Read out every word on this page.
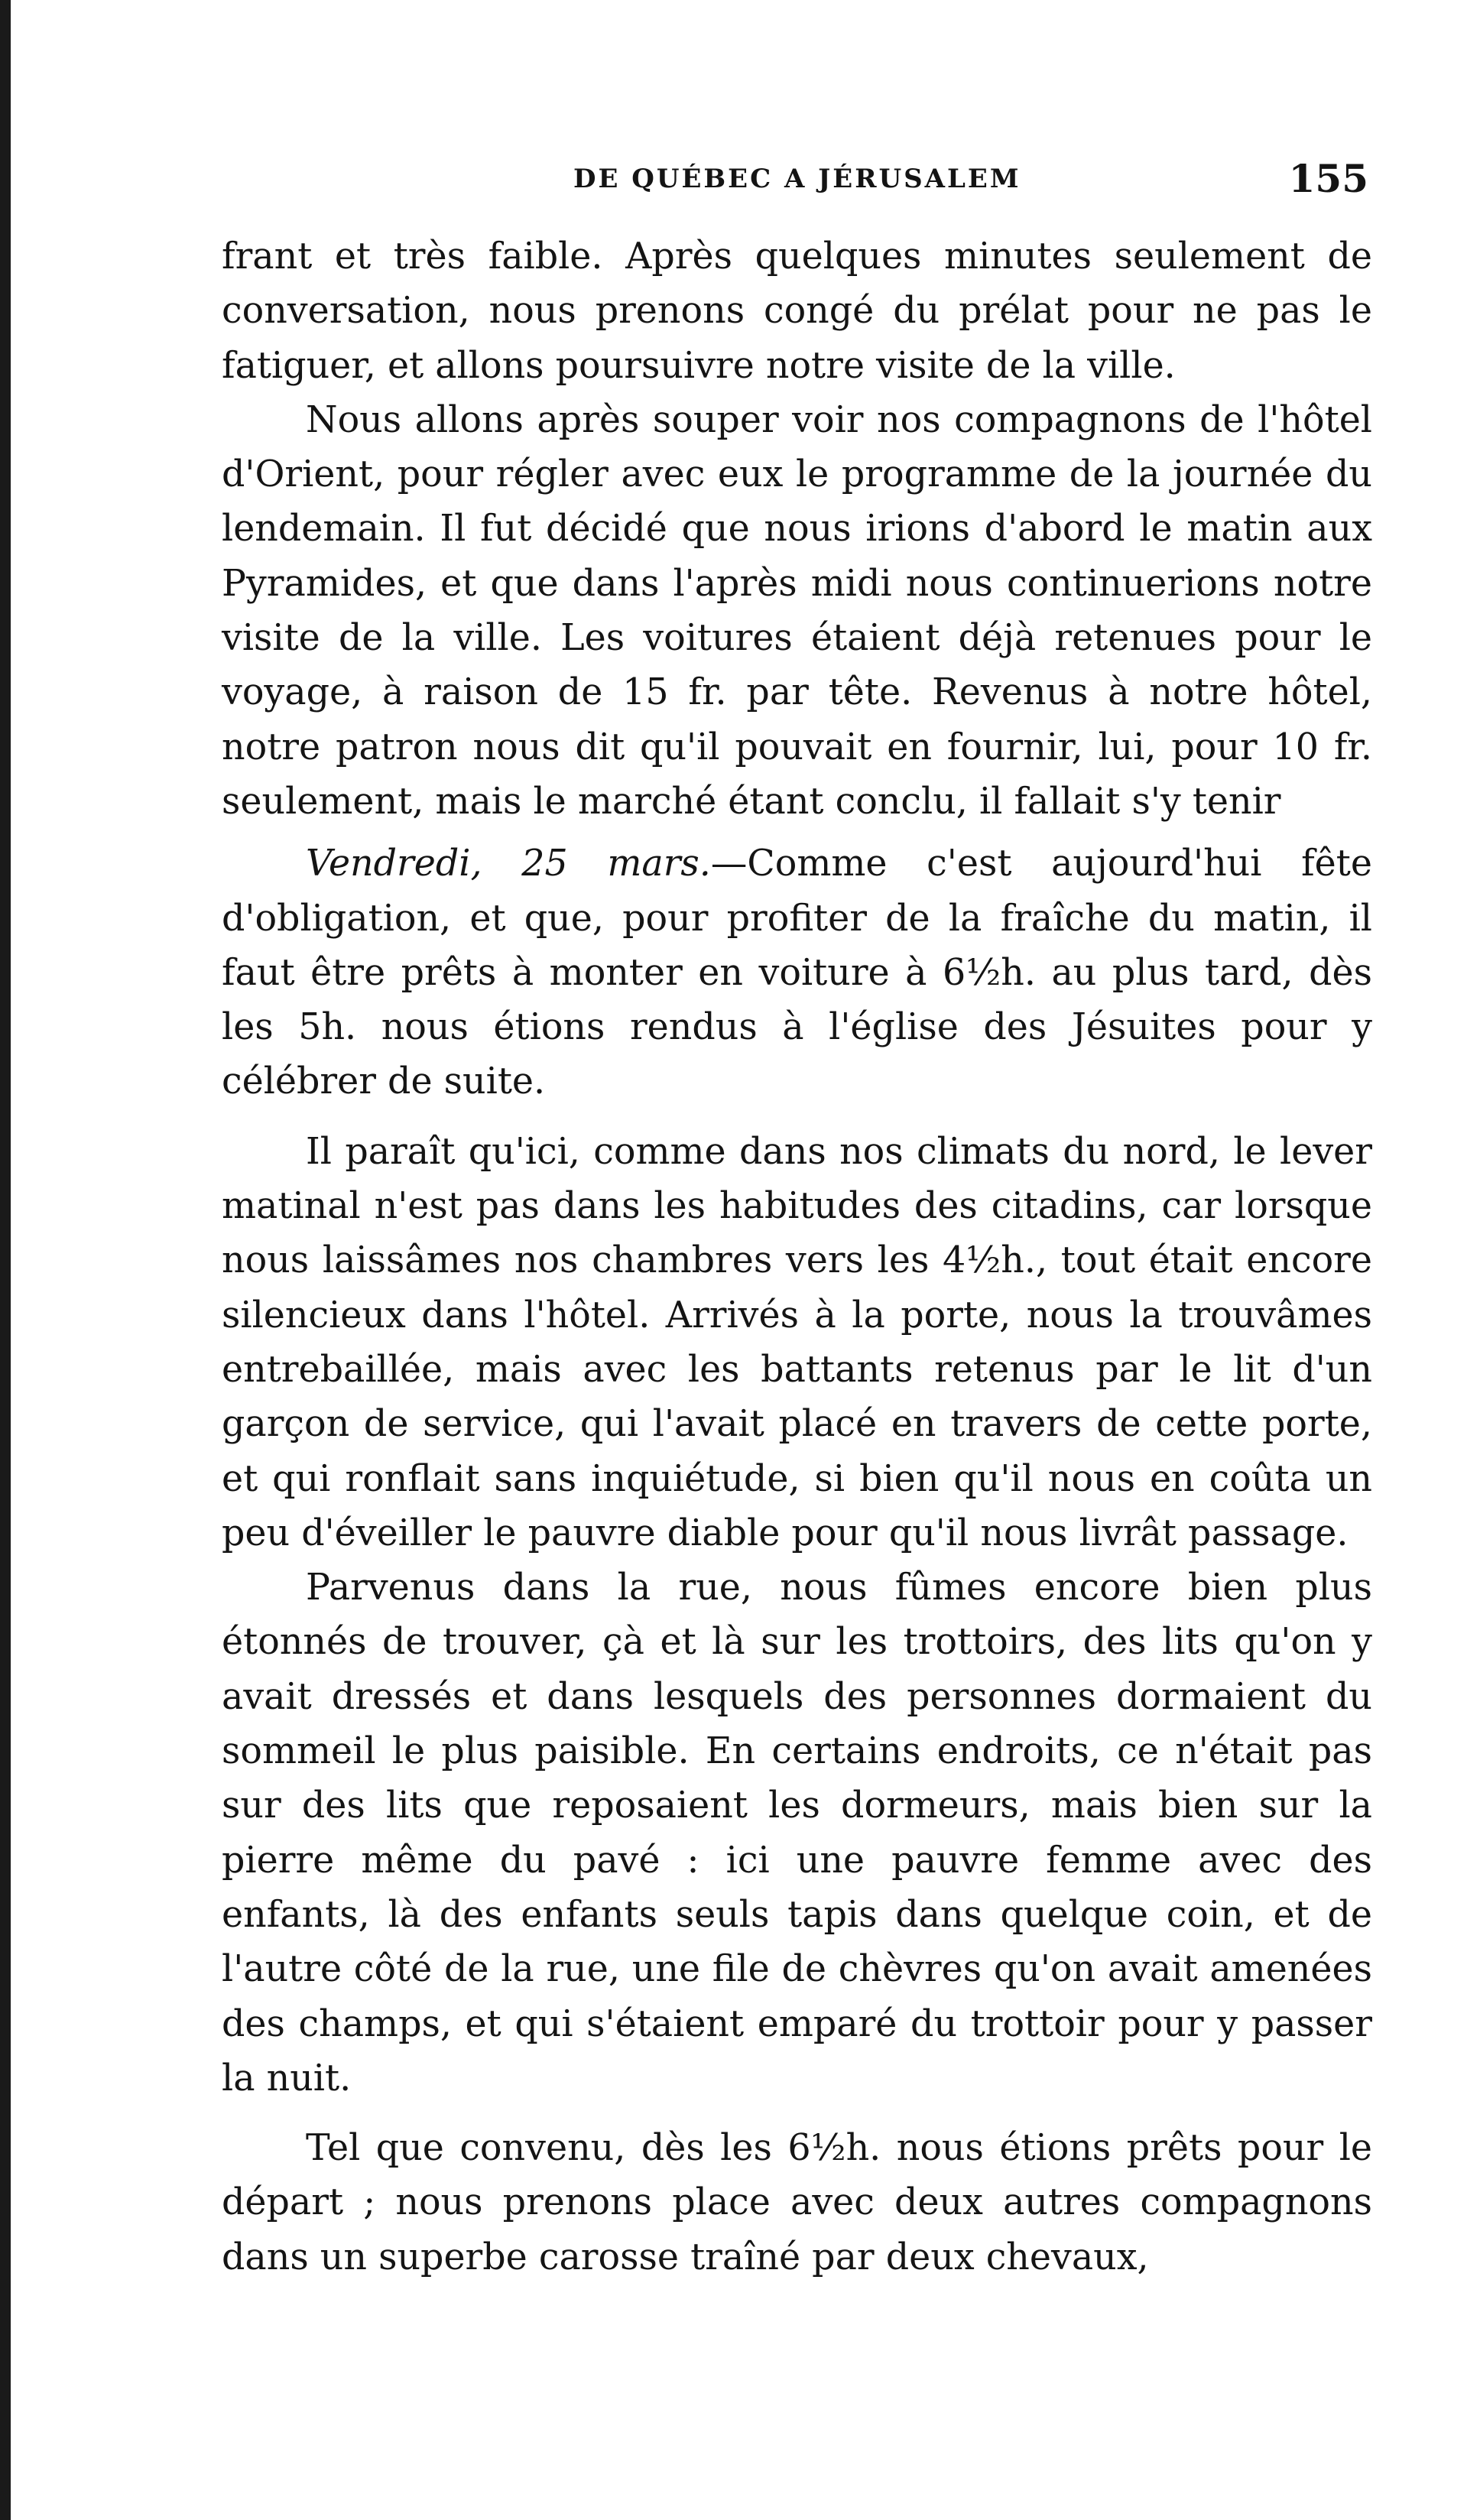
DE QUÉBEC A JÉRUSALEM	155

frant et très faible. Après quelques minutes seulement de conversation, nous prenons congé du prélat pour ne pas le fatiguer, et allons poursuivre notre visite de la ville.

Nous allons après souper voir nos compagnons de l'hôtel d'Orient, pour régler avec eux le programme de la journée du lendemain. Il fut décidé que nous irions d'abord le matin aux Pyramides, et que dans l'après midi nous continuerions notre visite de la ville. Les voitures étaient déjà retenues pour le voyage, à raison de 15 fr. par tête. Revenus à notre hôtel, notre patron nous dit qu'il pouvait en fournir, lui, pour 10 fr. seulement, mais le marché étant conclu, il fallait s'y tenir

Vendredi, 25 mars.—Comme c'est aujourd'hui fête d'obligation, et que, pour profiter de la fraîche du matin, il faut être prêts à monter en voiture à 6½h. au plus tard, dès les 5h. nous étions rendus à l'église des Jésuites pour y célébrer de suite.

Il paraît qu'ici, comme dans nos climats du nord, le lever matinal n'est pas dans les habitudes des citadins, car lorsque nous laissâmes nos chambres vers les 4½h., tout était encore silencieux dans l'hôtel. Arrivés à la porte, nous la trouvâmes entrebaillée, mais avec les battants retenus par le lit d'un garçon de service, qui l'avait placé en travers de cette porte, et qui ronflait sans inquiétude, si bien qu'il nous en coûta un peu d'éveiller le pauvre diable pour qu'il nous livrât passage.

Parvenus dans la rue, nous fûmes encore bien plus étonnés de trouver, çà et là sur les trottoirs, des lits qu'on y avait dressés et dans lesquels des personnes dormaient du sommeil le plus paisible. En certains endroits, ce n'était pas sur des lits que reposaient les dormeurs, mais bien sur la pierre même du pavé : ici une pauvre femme avec des enfants, là des enfants seuls tapis dans quelque coin, et de l'autre côté de la rue, une file de chèvres qu'on avait amenées des champs, et qui s'étaient emparé du trottoir pour y passer la nuit.

Tel que convenu, dès les 6½h. nous étions prêts pour le départ ; nous prenons place avec deux autres compagnons dans un superbe carosse traîné par deux chevaux,
